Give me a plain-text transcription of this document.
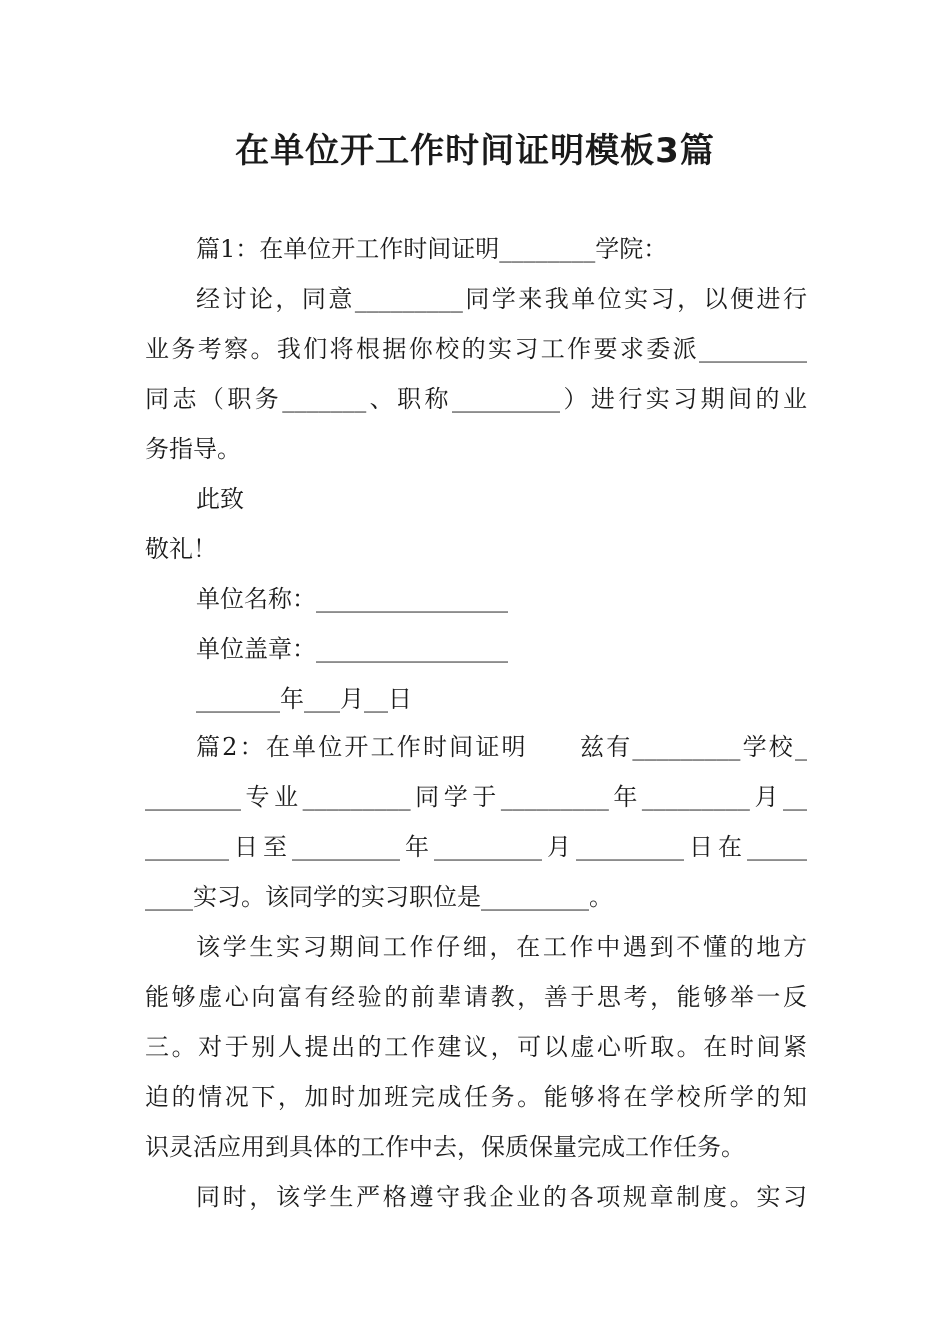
在单位开工作时间证明模板3篇
篇1：在单位开工作时间证明________学院：
经讨论，同意_________同学来我单位实习，以便进行
业务考察。我们将根据你校的实习工作要求委派_________
同志（职务_______、职称_________）进行实习期间的业
务指导。
此致
敬礼！
单位名称：________________
单位盖章：________________
_______年___月__日
篇2：在单位开工作时间证明　　兹有_________学校_
________专业_________同学于_________年_________月__
_______日至_________年_________月_________日在_____
____实习。该同学的实习职位是_________。
该学生实习期间工作仔细，在工作中遇到不懂的地方
能够虚心向富有经验的前辈请教，善于思考，能够举一反
三。对于别人提出的工作建议，可以虚心听取。在时间紧
迫的情况下，加时加班完成任务。能够将在学校所学的知
识灵活应用到具体的工作中去，保质保量完成工作任务。
同时，该学生严格遵守我企业的各项规章制度。实习
